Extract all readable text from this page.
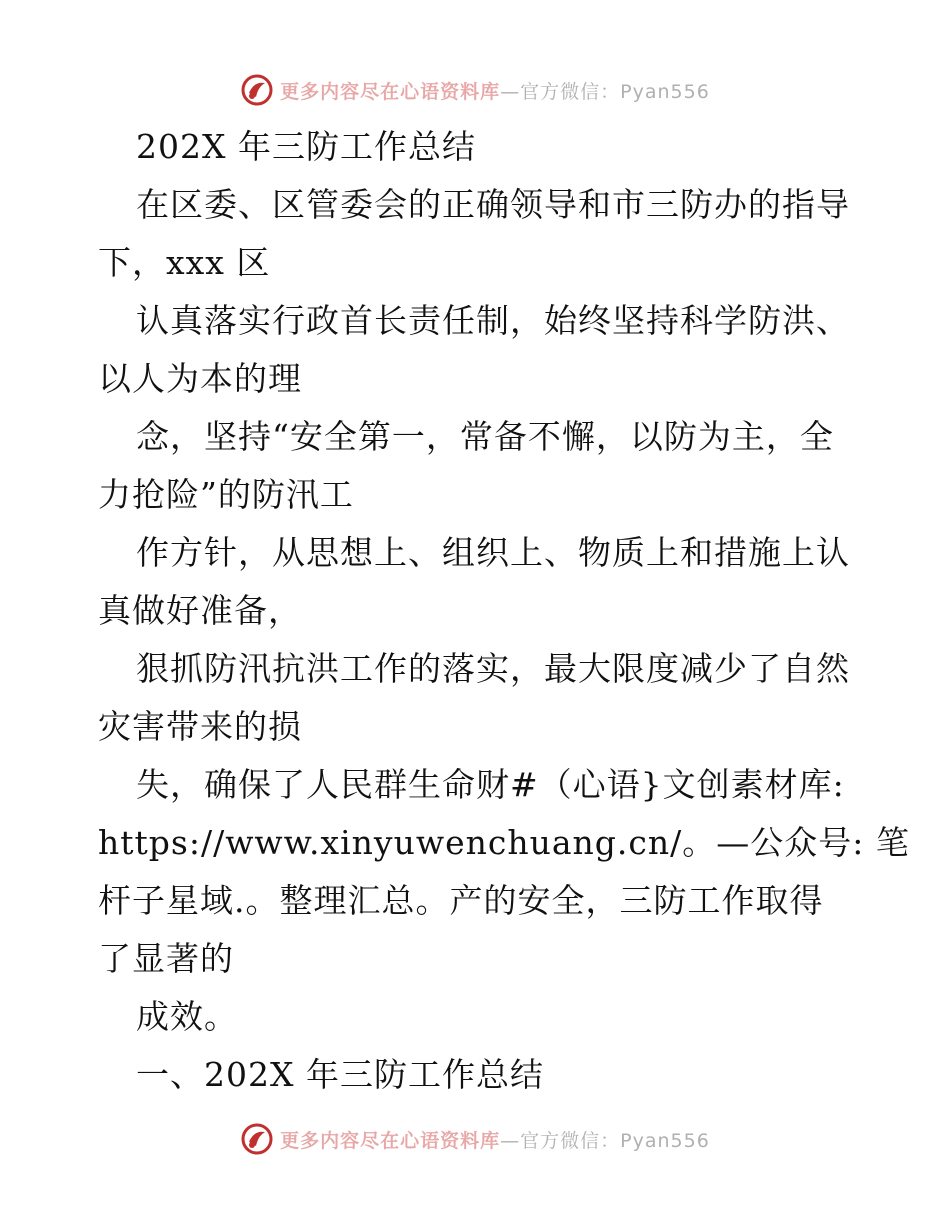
更多内容尽在心语资料库—官方微信：Pyan556
202X 年三防工作总结
在区委、区管委会的正确领导和市三防办的指导
下，xxx 区
认真落实行政首长责任制，始终坚持科学防洪、
以人为本的理
念，坚持“安全第一，常备不懈，以防为主，全
力抢险”的防汛工
作方针，从思想上、组织上、物质上和措施上认
真做好准备，
狠抓防汛抗洪工作的落实，最大限度减少了自然
灾害带来的损
失，确保了人民群生命财#（心语}文创素材库:
https://www.xinyuwenchuang.cn/。—公众号: 笔
杆子星域.。整理汇总。产的安全，三防工作取得
了显著的
成效。
一、202X 年三防工作总结
更多内容尽在心语资料库—官方微信：Pyan556
